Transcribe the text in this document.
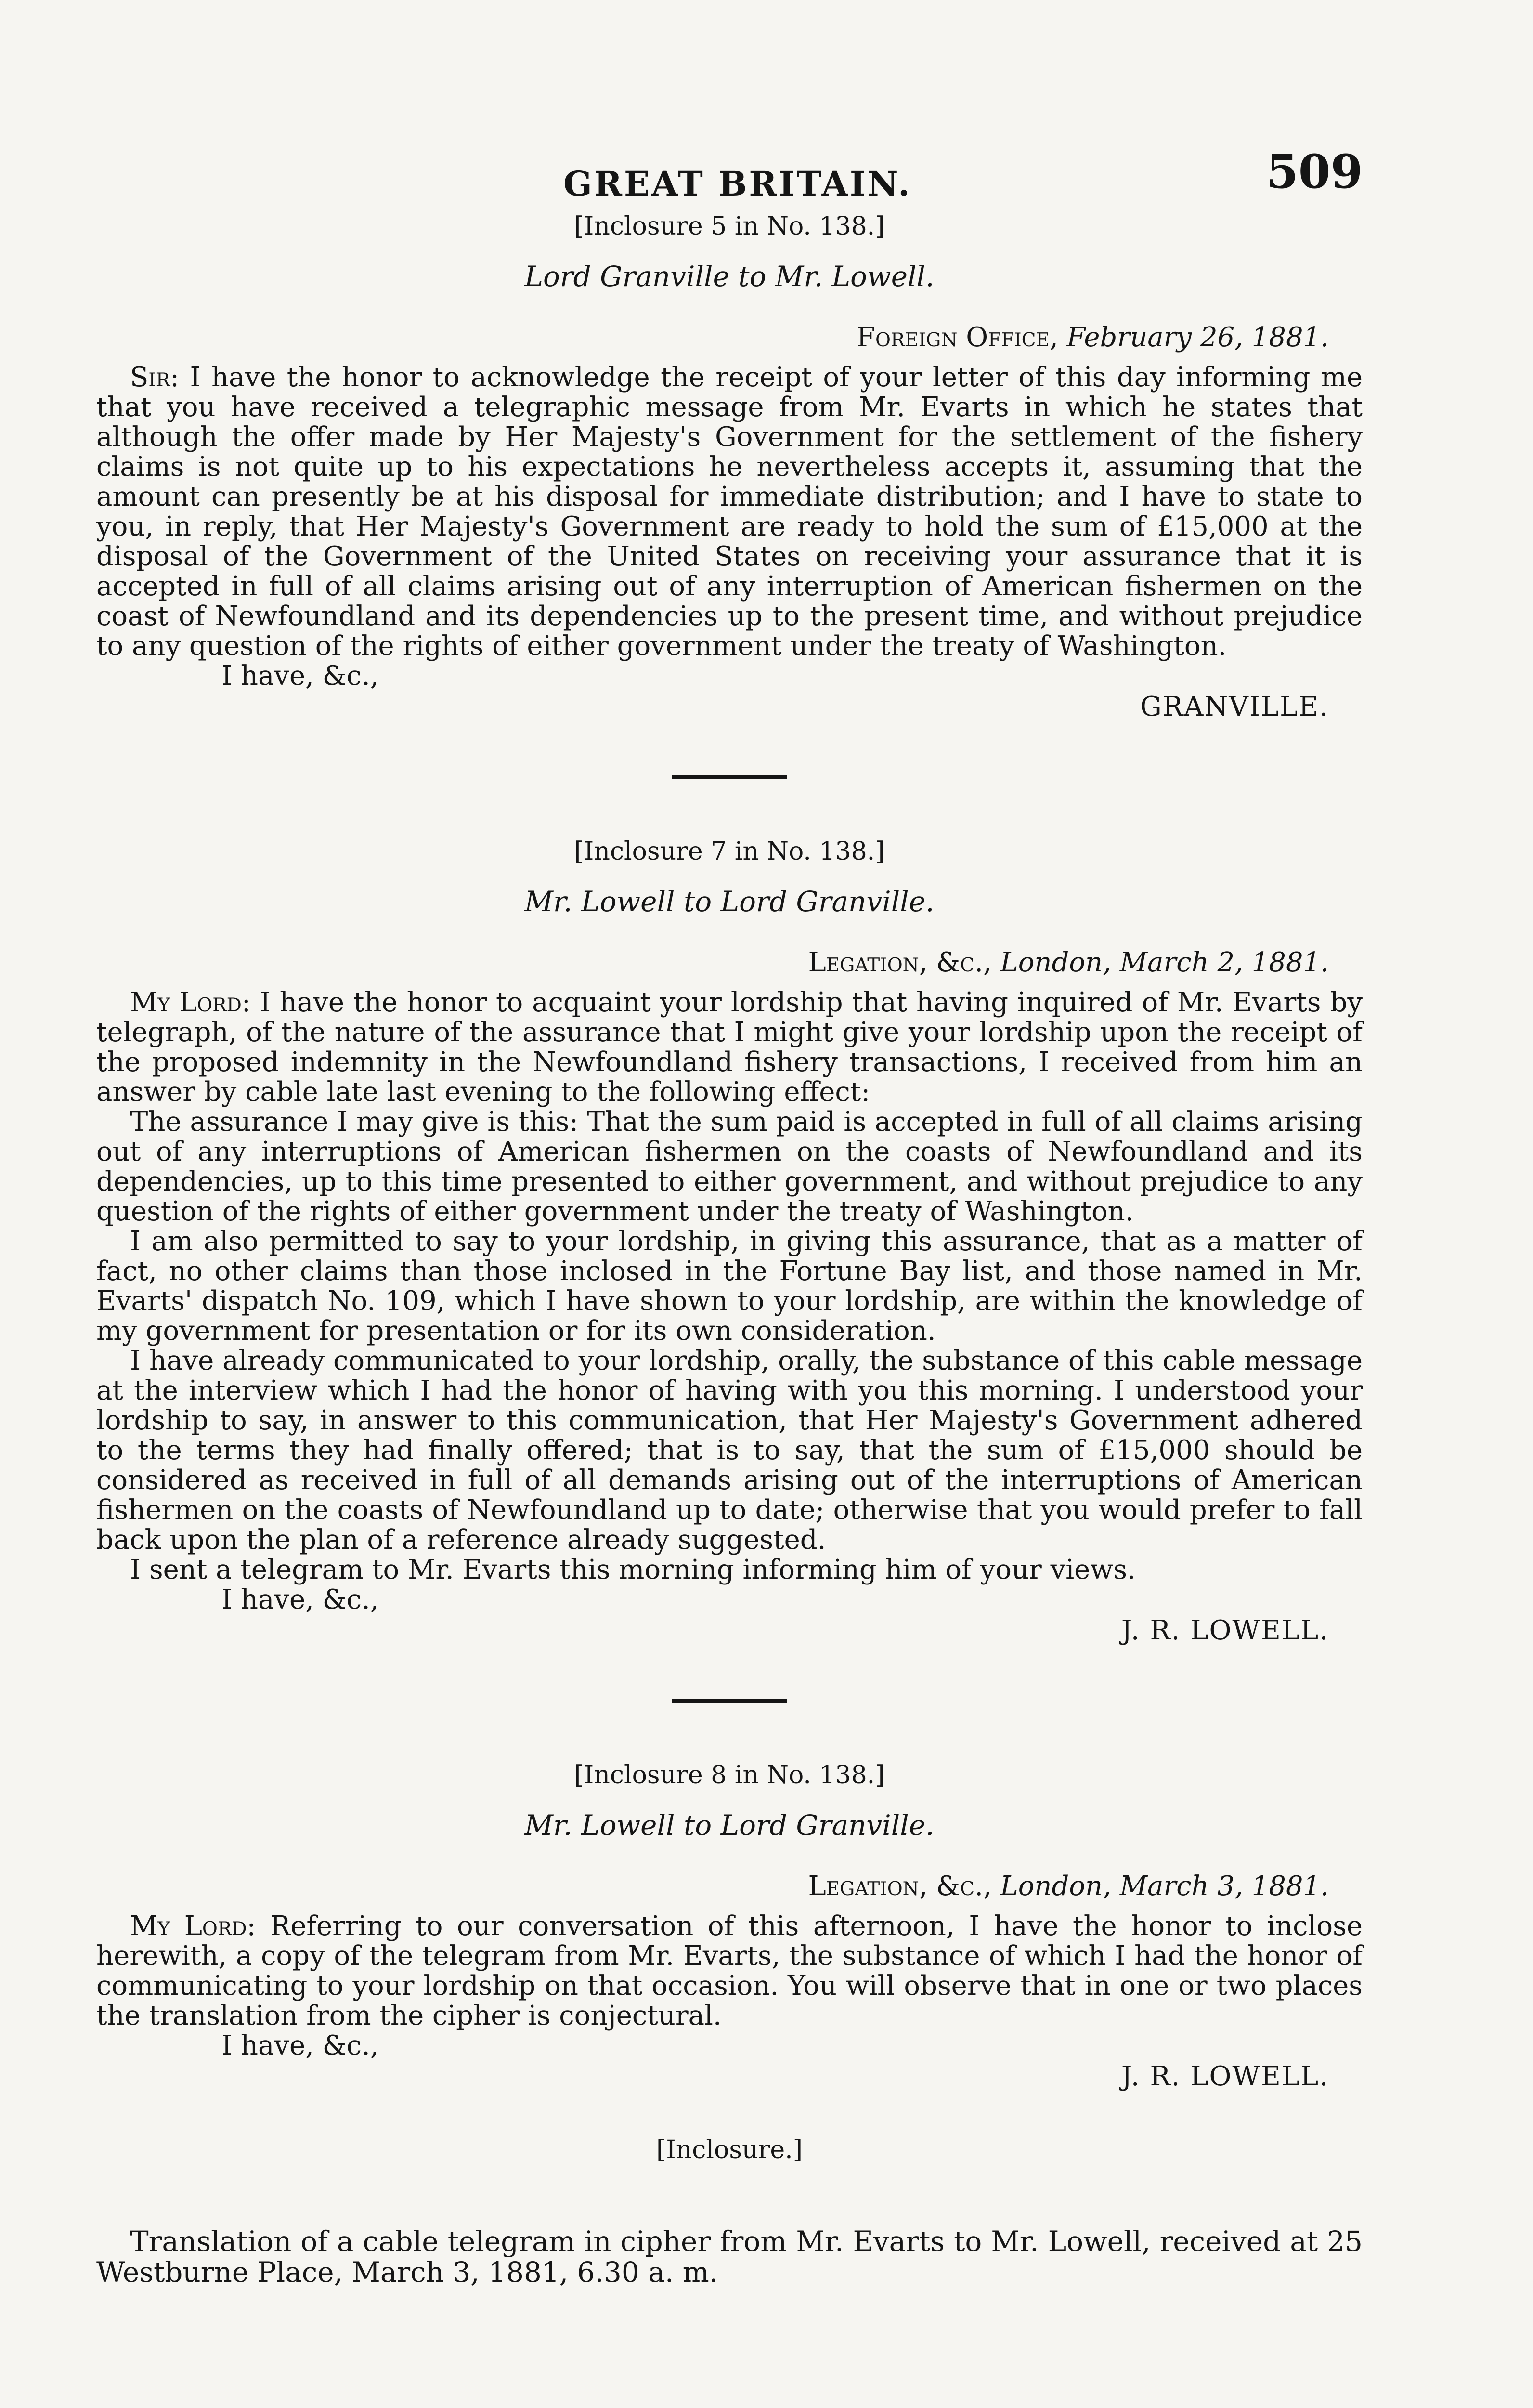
GREAT BRITAIN.	509
[Inclosure 5 in No. 138.]
Lord Granville to Mr. Lowell.
Foreign Office, February 26, 1881.

Sir: I have the honor to acknowledge the receipt of your letter of this day informing me that you have received a telegraphic message from Mr. Evarts in which he states that although the offer made by Her Majesty's Government for the settlement of the fishery claims is not quite up to his expectations he nevertheless accepts it, assuming that the amount can presently be at his disposal for immediate distribution; and I have to state to you, in reply, that Her Majesty's Government are ready to hold the sum of £15,000 at the disposal of the Government of the United States on receiving your assurance that it is accepted in full of all claims arising out of any interruption of American fishermen on the coast of Newfoundland and its dependencies up to the present time, and without prejudice to any question of the rights of either government under the treaty of Washington.

I have, &c.,
GRANVILLE.
[Inclosure 7 in No. 138.]
Mr. Lowell to Lord Granville.
Legation, &c., London, March 2, 1881.

My Lord: I have the honor to acquaint your lordship that having inquired of Mr. Evarts by telegraph, of the nature of the assurance that I might give your lordship upon the receipt of the proposed indemnity in the Newfoundland fishery transactions, I received from him an answer by cable late last evening to the following effect:

The assurance I may give is this: That the sum paid is accepted in full of all claims arising out of any interruptions of American fishermen on the coasts of Newfoundland and its dependencies, up to this time presented to either government, and without prejudice to any question of the rights of either government under the treaty of Washington.

I am also permitted to say to your lordship, in giving this assurance, that as a matter of fact, no other claims than those inclosed in the Fortune Bay list, and those named in Mr. Evarts' dispatch No. 109, which I have shown to your lordship, are within the knowledge of my government for presentation or for its own consideration.

I have already communicated to your lordship, orally, the substance of this cable message at the interview which I had the honor of having with you this morning. I understood your lordship to say, in answer to this communication, that Her Majesty's Government adhered to the terms they had finally offered; that is to say, that the sum of £15,000 should be considered as received in full of all demands arising out of the interruptions of American fishermen on the coasts of Newfoundland up to date; otherwise that you would prefer to fall back upon the plan of a reference already suggested.

I sent a telegram to Mr. Evarts this morning informing him of your views.

I have, &c.,
J. R. LOWELL.
[Inclosure 8 in No. 138.]
Mr. Lowell to Lord Granville.
Legation, &c., London, March 3, 1881.

My Lord: Referring to our conversation of this afternoon, I have the honor to inclose herewith, a copy of the telegram from Mr. Evarts, the substance of which I had the honor of communicating to your lordship on that occasion. You will observe that in one or two places the translation from the cipher is conjectural.

I have, &c.,
J. R. LOWELL.
[Inclosure.]

Translation of a cable telegram in cipher from Mr. Evarts to Mr. Lowell, received at 25 Westburne Place, March 3, 1881, 6.30 a. m.
